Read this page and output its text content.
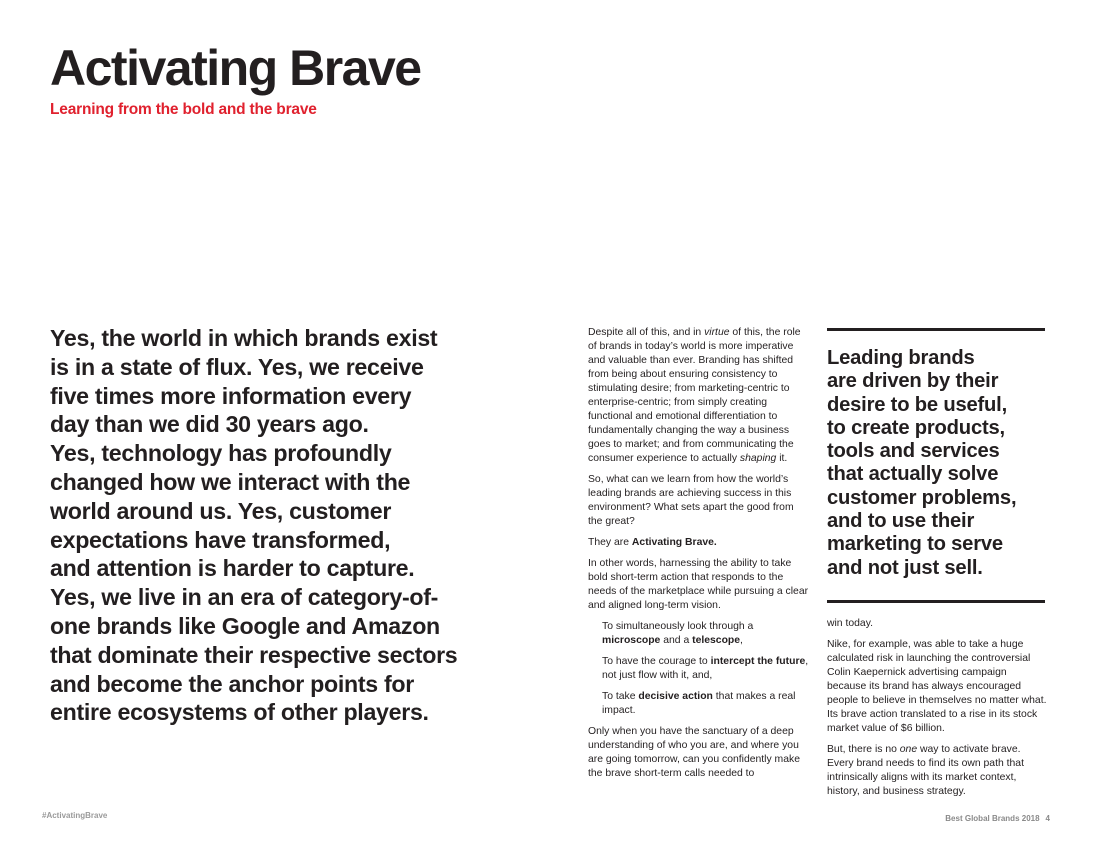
Activating Brave
Learning from the bold and the brave
Yes, the world in which brands exist
is in a state of flux. Yes, we receive
five times more information every
day than we did 30 years ago.
Yes, technology has profoundly
changed how we interact with the
world around us. Yes, customer
expectations have transformed,
and attention is harder to capture.
Yes, we live in an era of category-of-
one brands like Google and Amazon
that dominate their respective sectors
and become the anchor points for
entire ecosystems of other players.

Despite all of this, and in virtue of this, the role of brands in today’s world is more imperative and valuable than ever. Branding has shifted from being about ensuring consistency to stimulating desire; from marketing-centric to enterprise-centric; from simply creating functional and emotional differentiation to fundamentally changing the way a business goes to market; and from communicating the consumer experience to actually shaping it.

So, what can we learn from how the world’s leading brands are achieving success in this environment? What sets apart the good from the great?

They are Activating Brave.

In other words, harnessing the ability to take bold short-term action that responds to the needs of the marketplace while pursuing a clear and aligned long-term vision.

To simultaneously look through a microscope and a telescope,

To have the courage to intercept the future, not just flow with it, and,

To take decisive action that makes a real impact.

Only when you have the sanctuary of a deep understanding of who you are, and where you are going tomorrow, can you confidently make the brave short-term calls needed to

Leading brands
are driven by their
desire to be useful,
to create products,
tools and services
that actually solve
customer problems,
and to use their
marketing to serve
and not just sell.

win today.

Nike, for example, was able to take a huge calculated risk in launching the controversial Colin Kaepernick advertising campaign because its brand has always encouraged people to believe in themselves no matter what. Its brave action translated to a rise in its stock market value of $6 billion.

But, there is no one way to activate brave. Every brand needs to find its own path that intrinsically aligns with its market context, history, and business strategy.

#ActivatingBrave	Best Global Brands 2018 4
